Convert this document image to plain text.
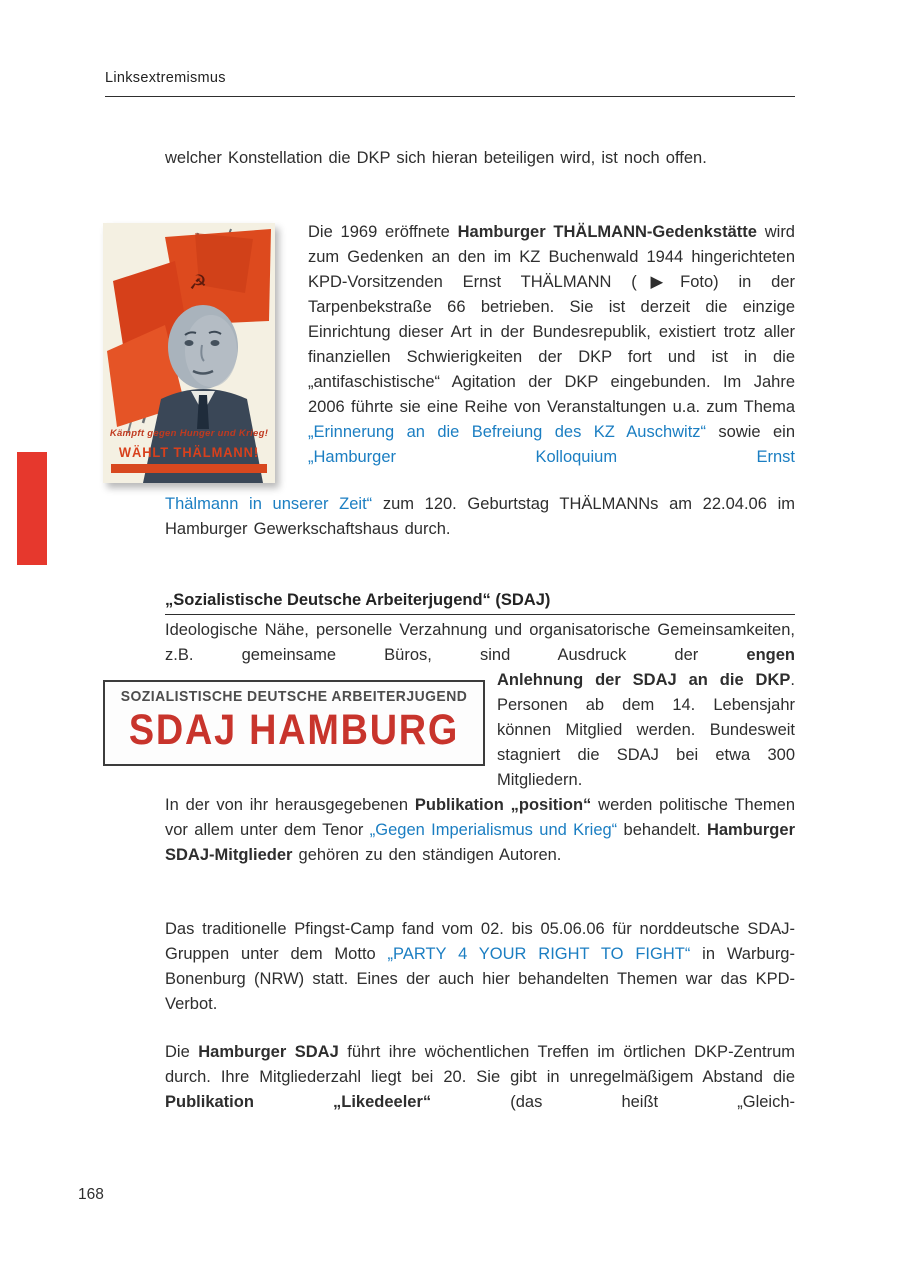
Linksextremismus
welcher Konstellation die DKP sich hieran beteiligen wird, ist noch offen.
☭
Kämpft gegen Hunger und Krieg!
WÄHLT THÄLMANN!
Die 1969 eröffnete Hamburger THÄLMANN-Gedenkstätte wird zum Gedenken an den im KZ Buchenwald 1944 hingerichteten KPD-Vorsitzenden Ernst THÄLMANN (▶ Foto) in der Tarpenbekstraße 66 betrieben. Sie ist derzeit die einzige Einrichtung dieser Art in der Bundesrepublik, existiert trotz aller finanziellen Schwierigkeiten der DKP fort und ist in die „antifaschistische“ Agitation der DKP eingebunden. Im Jahre 2006 führte sie eine Reihe von Veranstaltungen u.a. zum Thema „Erinnerung an die Befreiung des KZ Auschwitz“ sowie ein „Hamburger Kolloquium Ernst
Thälmann in unserer Zeit“ zum 120. Geburtstag THÄLMANNs am 22.04.06 im Hamburger Gewerkschaftshaus durch.
„Sozialistische Deutsche Arbeiterjugend“ (SDAJ)
Ideologische Nähe, personelle Verzahnung und organisatorische Gemeinsamkeiten, z.B. gemeinsame Büros, sind Ausdruck der engen
SOZIALISTISCHE DEUTSCHE ARBEITERJUGEND
SDAJ HAMBURG
Anlehnung der SDAJ an die DKP. Personen ab dem 14. Lebensjahr können Mitglied werden. Bundesweit stagniert die SDAJ bei etwa 300 Mitgliedern.
In der von ihr herausgegebenen Publikation „position“ werden politische Themen vor allem unter dem Tenor „Gegen Imperialismus und Krieg“ behandelt. Hamburger SDAJ-Mitglieder gehören zu den ständigen Autoren.
Das traditionelle Pfingst-Camp fand vom 02. bis 05.06.06 für norddeutsche SDAJ-Gruppen unter dem Motto „PARTY 4 YOUR RIGHT TO FIGHT“ in Warburg-Bonenburg (NRW) statt. Eines der auch hier behandelten Themen war das KPD-Verbot.
Die Hamburger SDAJ führt ihre wöchentlichen Treffen im örtlichen DKP-Zentrum durch. Ihre Mitgliederzahl liegt bei 20. Sie gibt in unregelmäßigem Abstand die Publikation „Likedeeler“ (das heißt „Gleich-
168
